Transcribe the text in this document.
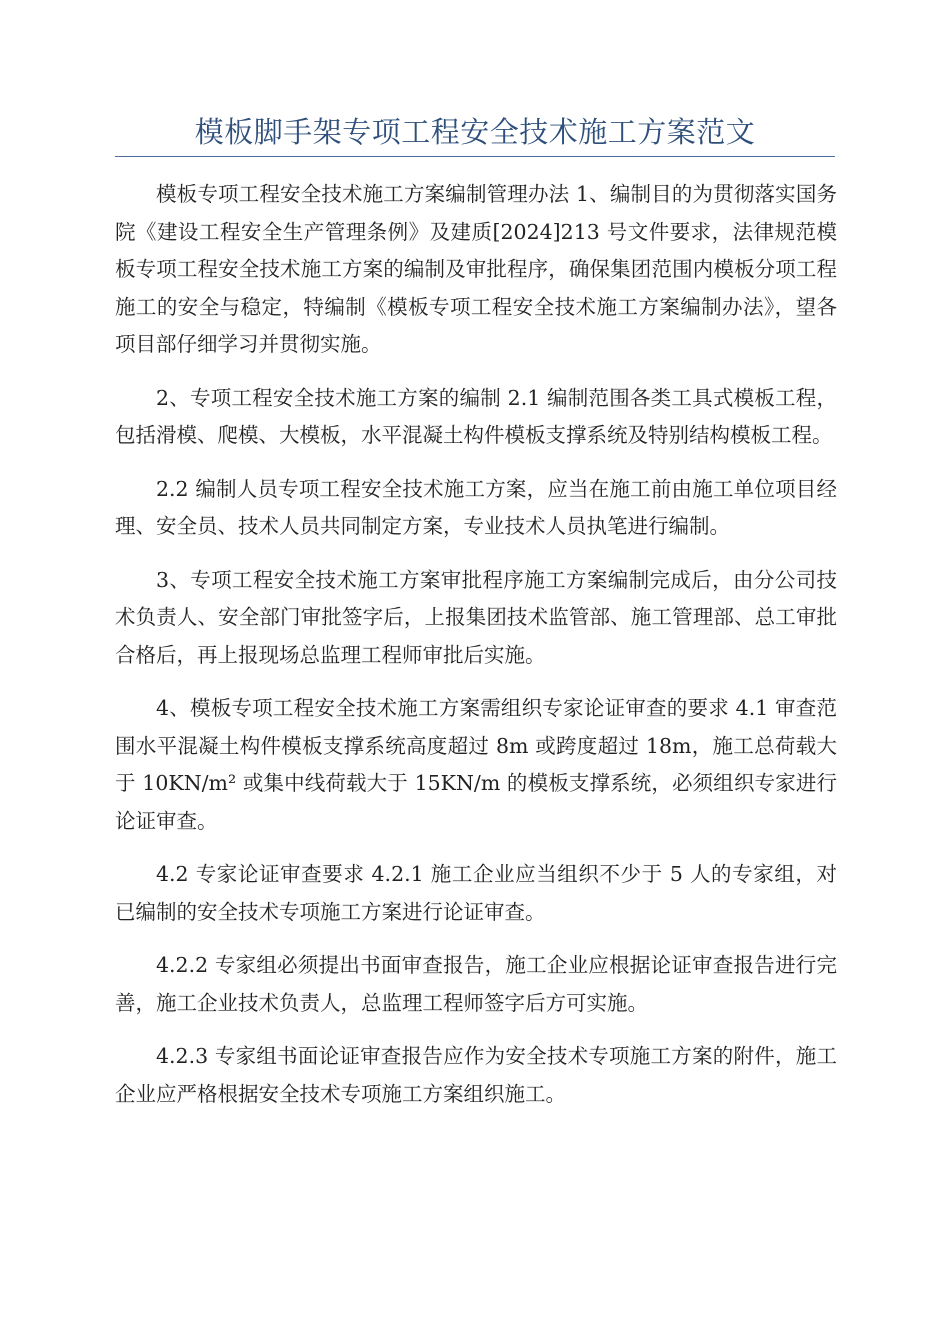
模板脚手架专项工程安全技术施工方案范文

模板专项工程安全技术施工方案编制管理办法 1、编制目的为贯彻落实国务院《建设工程安全生产管理条例》及建质[2024]213 号文件要求，法律规范模板专项工程安全技术施工方案的编制及审批程序，确保集团范围内模板分项工程施工的安全与稳定，特编制《模板专项工程安全技术施工方案编制办法》，望各项目部仔细学习并贯彻实施。

2、专项工程安全技术施工方案的编制 2.1 编制范围各类工具式模板工程，包括滑模、爬模、大模板，水平混凝土构件模板支撑系统及特别结构模板工程。

2.2 编制人员专项工程安全技术施工方案，应当在施工前由施工单位项目经理、安全员、技术人员共同制定方案，专业技术人员执笔进行编制。

3、专项工程安全技术施工方案审批程序施工方案编制完成后，由分公司技术负责人、安全部门审批签字后，上报集团技术监管部、施工管理部、总工审批合格后，再上报现场总监理工程师审批后实施。

4、模板专项工程安全技术施工方案需组织专家论证审查的要求 4.1 审查范围水平混凝土构件模板支撑系统高度超过 8m 或跨度超过 18m，施工总荷载大于 10KN/m² 或集中线荷载大于 15KN/m 的模板支撑系统，必须组织专家进行论证审查。

4.2 专家论证审查要求 4.2.1 施工企业应当组织不少于 5 人的专家组，对已编制的安全技术专项施工方案进行论证审查。

4.2.2 专家组必须提出书面审查报告，施工企业应根据论证审查报告进行完善，施工企业技术负责人，总监理工程师签字后方可实施。

4.2.3 专家组书面论证审查报告应作为安全技术专项施工方案的附件，施工企业应严格根据安全技术专项施工方案组织施工。
